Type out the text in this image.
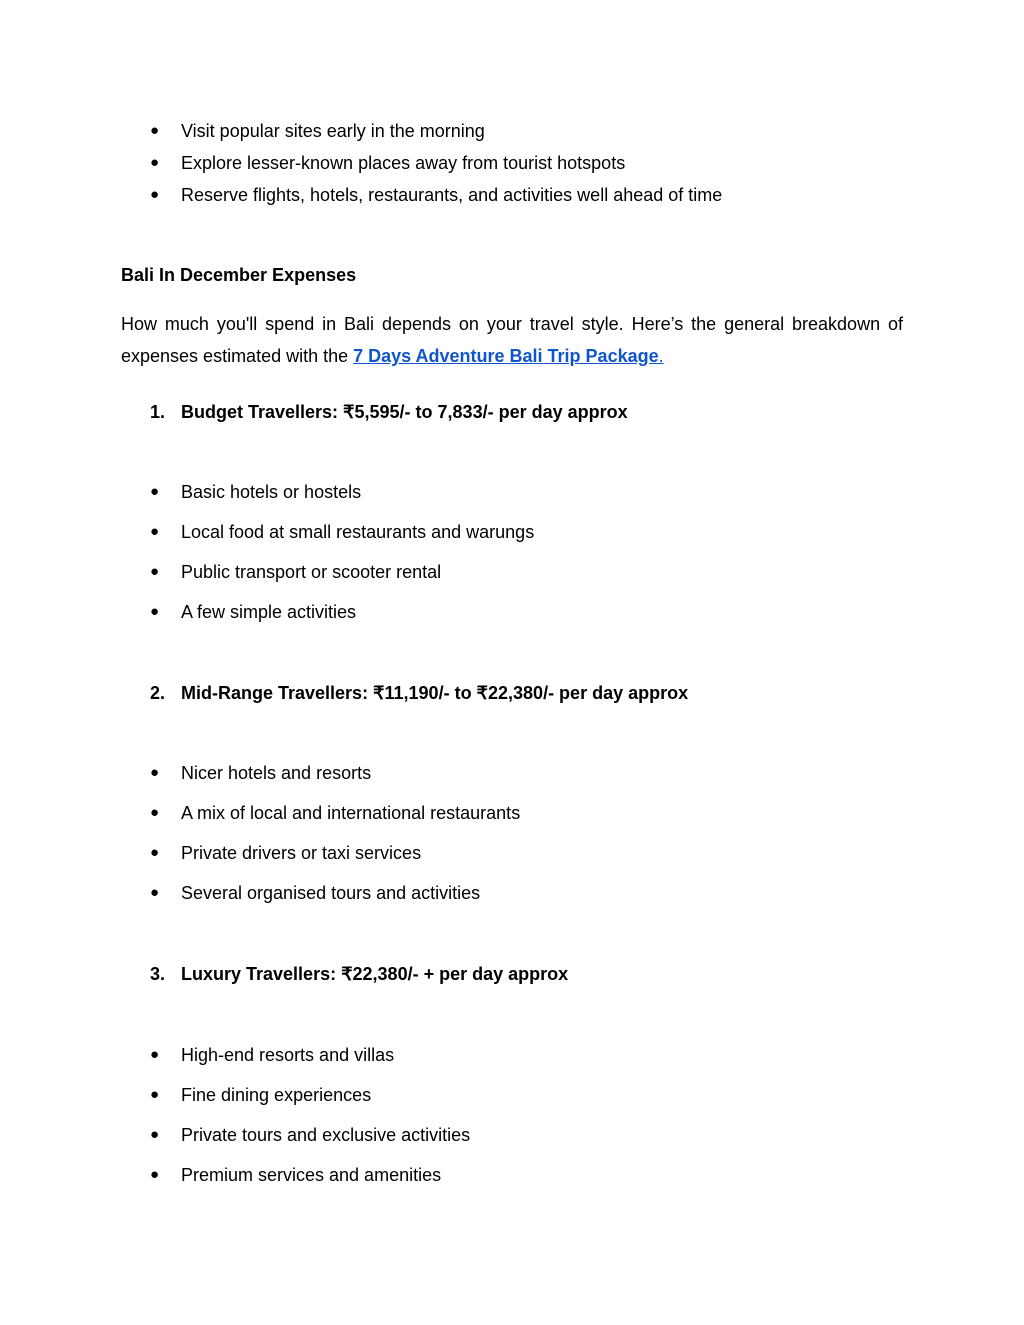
● Visit popular sites early in the morning
● Explore lesser-known places away from tourist hotspots
● Reserve flights, hotels, restaurants, and activities well ahead of time
Bali In December Expenses
How much you'll spend in Bali depends on your travel style. Here’s the general breakdown of
expenses estimated with the 7 Days Adventure Bali Trip Package.
1. Budget Travellers: ₹5,595/- to 7,833/- per day approx
● Basic hotels or hostels
● Local food at small restaurants and warungs
● Public transport or scooter rental
● A few simple activities
2. Mid-Range Travellers: ₹11,190/- to ₹22,380/- per day approx
● Nicer hotels and resorts
● A mix of local and international restaurants
● Private drivers or taxi services
● Several organised tours and activities
3. Luxury Travellers: ₹22,380/- + per day approx
● High-end resorts and villas
● Fine dining experiences
● Private tours and exclusive activities
● Premium services and amenities
